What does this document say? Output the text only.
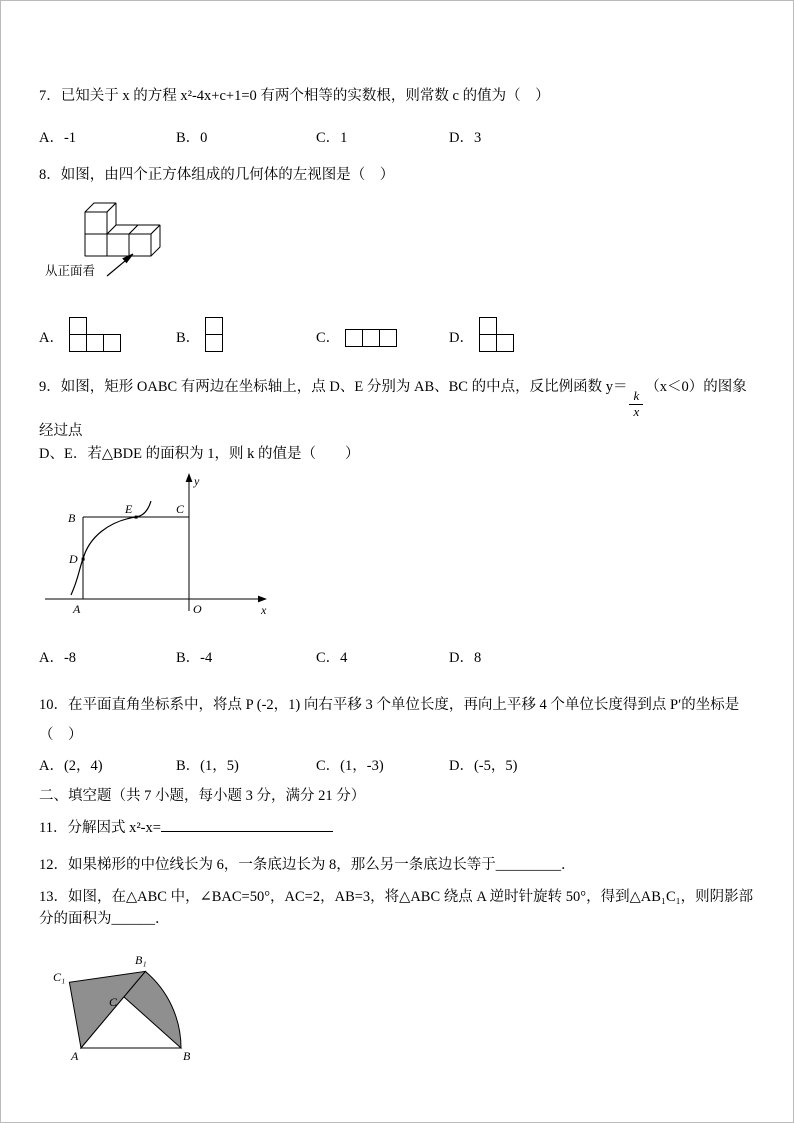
7．已知关于 x 的方程 x²-4x+c+1=0 有两个相等的实数根，则常数 c 的值为（　）
A．-1	B．0	C．1	D．3
8．如图，由四个正方体组成的几何体的左视图是（　）
从正面看
A．	B．	C．	D．
9．如图，矩形 OABC 有两边在坐标轴上，点 D、E 分别为 AB、BC 的中点，反比例函数 y＝
$\frac{k}{x}$
（x＜0）的图象经过点
D、E．若△BDE 的面积为 1，则 k 的值是（　　）
y
x
O
A
B
C
D
E
A．-8	B．-4	C．4	D．8
10．在平面直角坐标系中，将点 P (-2，1) 向右平移 3 个单位长度，再向上平移 4 个单位长度得到点 P′的坐标是
（　）
A．(2，4)	B．(1，5)	C．(1，-3)	D．(-5，5)
二、填空题（共 7 小题，每小题 3 分，满分 21 分）
11．分解因式 x²-x=
12．如果梯形的中位线长为 6，一条底边长为 8，那么另一条底边长等于_________．
13．如图，在△ABC 中，∠BAC=50°，AC=2，AB=3，将△ABC 绕点 A 逆时针旋转 50°，得到△AB₁C₁，则阴影部分的面积为______．
A	B
C
B₁
C₁
